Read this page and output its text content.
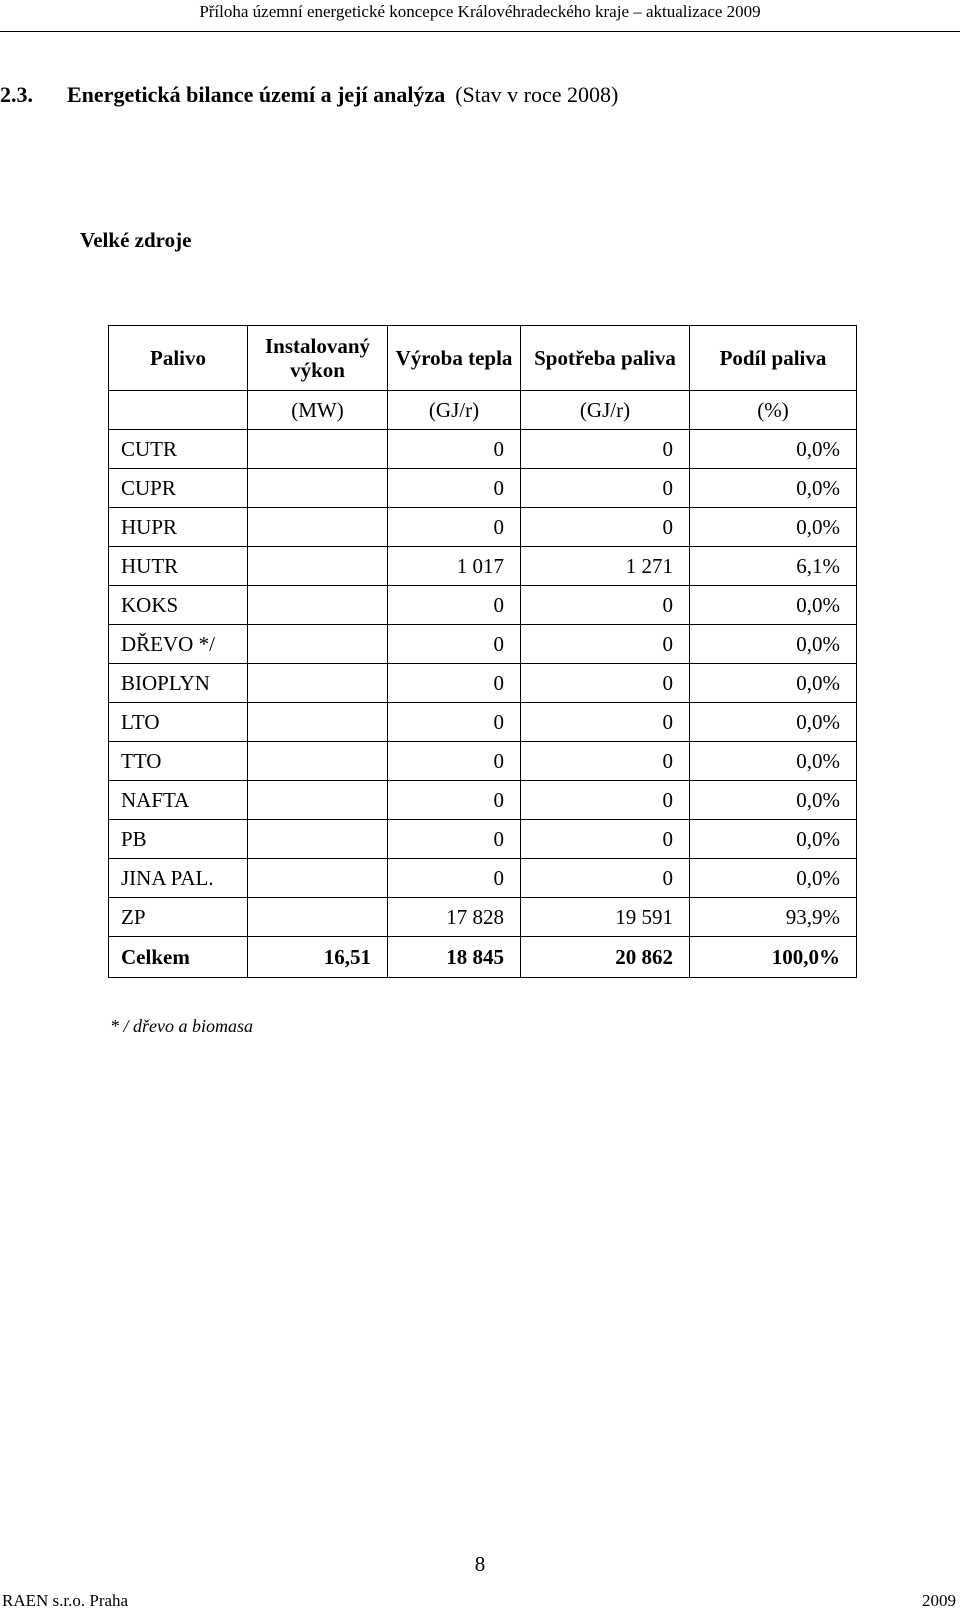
Příloha územní energetické koncepce Královéhradeckého kraje – aktualizace 2009
2.3. Energetická bilance území a její analýza (Stav v roce 2008)
Velké zdroje
Palivo	Instalovaný výkon	Výroba tepla	Spotřeba paliva	Podíl paliva
	(MW)	(GJ/r)	(GJ/r)	(%)
CUTR		0	0	0,0%
CUPR		0	0	0,0%
HUPR		0	0	0,0%
HUTR		1 017	1 271	6,1%
KOKS		0	0	0,0%
DŘEVO */		0	0	0,0%
BIOPLYN		0	0	0,0%
LTO		0	0	0,0%
TTO		0	0	0,0%
NAFTA		0	0	0,0%
PB		0	0	0,0%
JINA PAL.		0	0	0,0%
ZP		17 828	19 591	93,9%
Celkem	16,51	18 845	20 862	100,0%
* / dřevo a biomasa
8
RAEN s.r.o. Praha	2009
